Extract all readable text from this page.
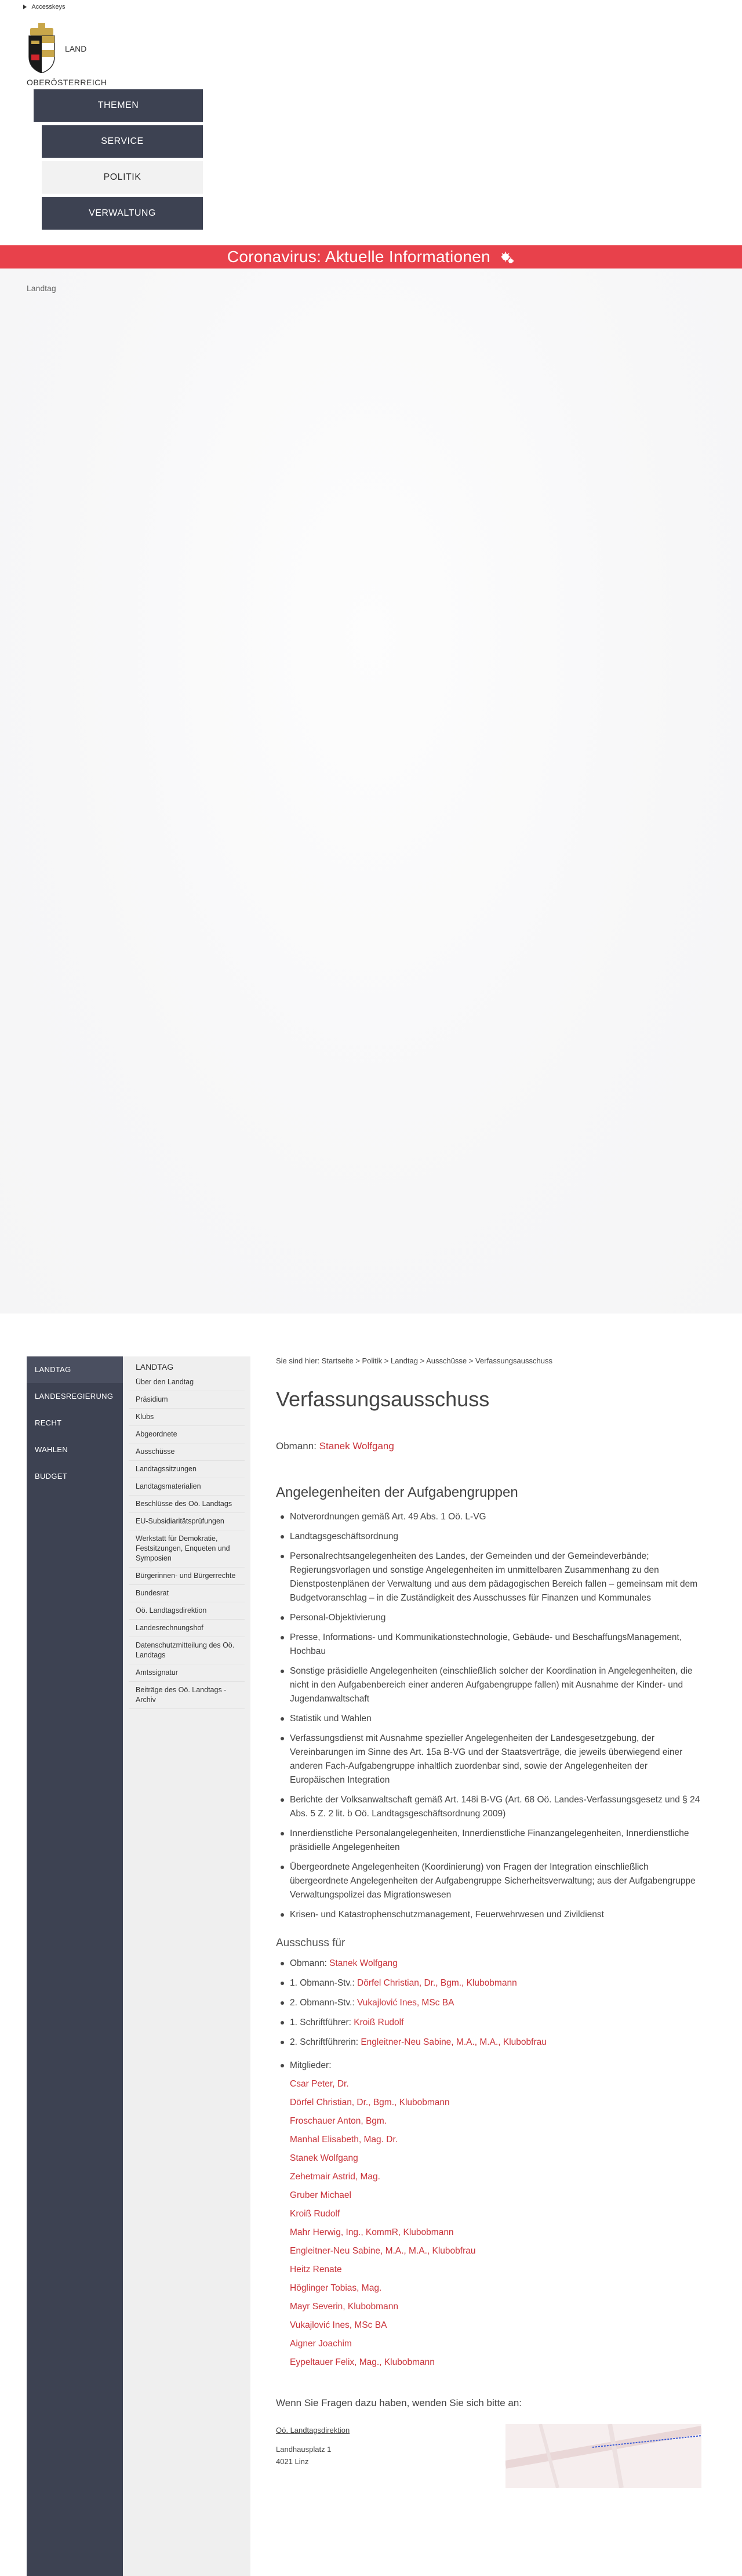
Accesskeys
LAND
OBERÖSTERREICH
THEMEN
SERVICE
POLITIK
VERWALTUNG
Coronavirus: Aktuelle Informationen
Landtag
LANDTAG
LANDESREGIERUNG
RECHT
WAHLEN
BUDGET
LANDTAG
Über den Landtag
Präsidium
Klubs
Abgeordnete
Ausschüsse
Landtagssitzungen
Landtagsmaterialien
Beschlüsse des Oö. Landtags
EU-Subsidiaritätsprüfungen
Werkstatt für Demokratie, Festsitzungen, Enqueten und Symposien
Bürgerinnen- und Bürgerrechte
Bundesrat
Oö. Landtagsdirektion
Landesrechnungshof
Datenschutzmitteilung des Oö. Landtags
Amtssignatur
Beiträge des Oö. Landtags - Archiv
Sie sind hier: Startseite > Politik > Landtag > Ausschüsse > Verfassungsausschuss
Verfassungsausschuss
Obmann: Stanek Wolfgang
Angelegenheiten der Aufgabengruppen
Notverordnungen gemäß Art. 49 Abs. 1 Oö. L-VG
Landtagsgeschäftsordnung
Personalrechtsangelegenheiten des Landes, der Gemeinden und der Gemeindeverbände; Regierungsvorlagen und sonstige Angelegenheiten im unmittelbaren Zusammenhang zu den Dienstpostenplänen der Verwaltung und aus dem pädagogischen Bereich fallen – gemeinsam mit dem Budgetvoranschlag – in die Zuständigkeit des Ausschusses für Finanzen und Kommunales
Personal-Objektivierung
Presse, Informations- und Kommunikationstechnologie, Gebäude- und BeschaffungsManagement, Hochbau
Sonstige präsidielle Angelegenheiten (einschließlich solcher der Koordination in Angelegenheiten, die nicht in den Aufgabenbereich einer anderen Aufgabengruppe fallen) mit Ausnahme der Kinder- und Jugendanwaltschaft
Statistik und Wahlen
Verfassungsdienst mit Ausnahme spezieller Angelegenheiten der Landesgesetzgebung, der Vereinbarungen im Sinne des Art. 15a B-VG und der Staatsverträge, die jeweils überwiegend einer anderen Fach-Aufgabengruppe inhaltlich zuordenbar sind, sowie der Angelegenheiten der Europäischen Integration
Berichte der Volksanwaltschaft gemäß Art. 148i B-VG (Art. 68 Oö. Landes-Verfassungsgesetz und § 24 Abs. 5 Z. 2 lit. b Oö. Landtagsgeschäftsordnung 2009)
Innerdienstliche Personalangelegenheiten, Innerdienstliche Finanzangelegenheiten, Innerdienstliche präsidielle Angelegenheiten
Übergeordnete Angelegenheiten (Koordinierung) von Fragen der Integration einschließlich übergeordnete Angelegenheiten der Aufgabengruppe Sicherheitsverwaltung; aus der Aufgabengruppe Verwaltungspolizei das Migrationswesen
Krisen- und Katastrophenschutzmanagement, Feuerwehrwesen und Zivildienst
Ausschuss für
Obmann: Stanek Wolfgang
1. Obmann-Stv.: Dörfel Christian, Dr., Bgm., Klubobmann
2. Obmann-Stv.: Vukajlović Ines, MSc BA
1. Schriftführer: Kroiß Rudolf
2. Schriftführerin: Engleitner-Neu Sabine, M.A., M.A., Klubobfrau
Mitglieder:
Csar Peter, Dr.
Dörfel Christian, Dr., Bgm., Klubobmann
Froschauer Anton, Bgm.
Manhal Elisabeth, Mag. Dr.
Stanek Wolfgang
Zehetmair Astrid, Mag.
Gruber Michael
Kroiß Rudolf
Mahr Herwig, Ing., KommR, Klubobmann
Engleitner-Neu Sabine, M.A., M.A., Klubobfrau
Heitz Renate
Höglinger Tobias, Mag.
Mayr Severin, Klubobmann
Vukajlović Ines, MSc BA
Aigner Joachim
Eypeltauer Felix, Mag., Klubobmann
Wenn Sie Fragen dazu haben, wenden Sie sich bitte an:
Oö. Landtagsdirektion
Landhausplatz 1
4021 Linz
